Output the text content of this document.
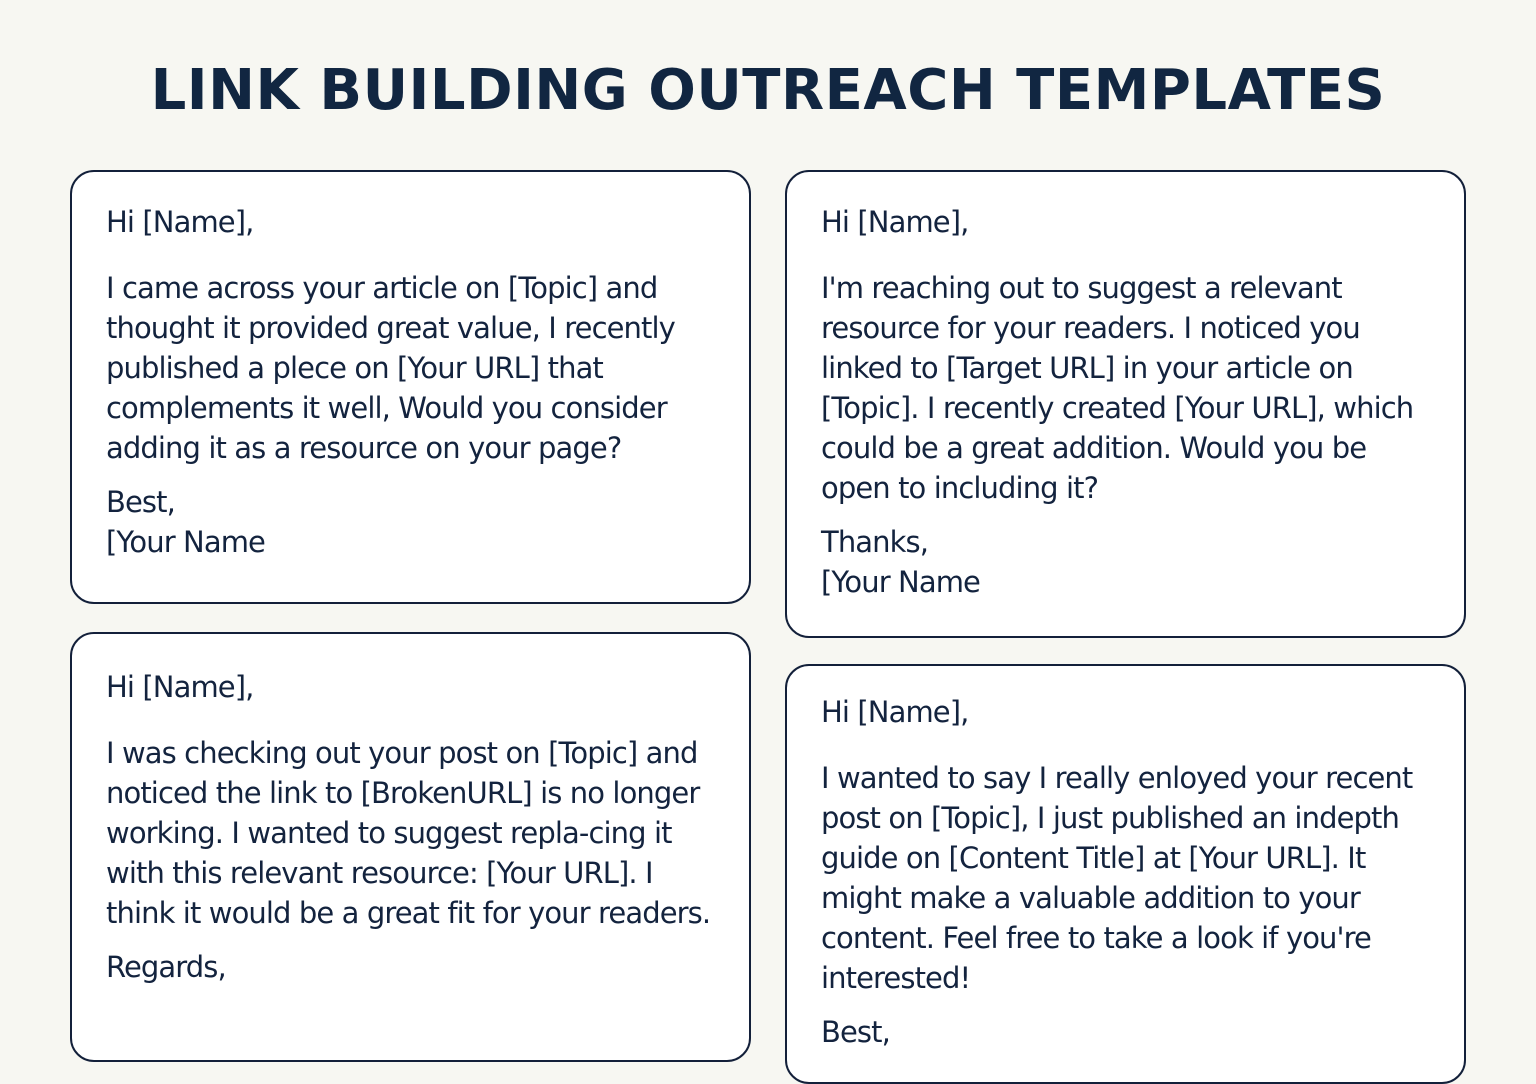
LINK BUILDING OUTREACH TEMPLATES

Hi [Name],

I came across your article on [Topic] and thought it provided great value, I recently published a plece on [Your URL] that complements it well, Would you consider adding it as a resource on your page?

Best,

[Your Name

Hi [Name],

I'm reaching out to suggest a relevant resource for your readers. I noticed you linked to [Target URL] in your article on [Topic]. I recently created [Your URL], which could be a great addition. Would you be open to including it?

Thanks,

[Your Name

Hi [Name],

I was checking out your post on [Topic] and noticed the link to [BrokenURL] is no longer working. I wanted to suggest repla-cing it with this relevant resource: [Your URL]. I think it would be a great fit for your readers.

Regards,

Hi [Name],

I wanted to say I really enloyed your recent post on [Topic], I just published an indepth guide on [Content Title] at [Your URL]. It might make a valuable addition to your content. Feel free to take a look if you're interested!

Best,
